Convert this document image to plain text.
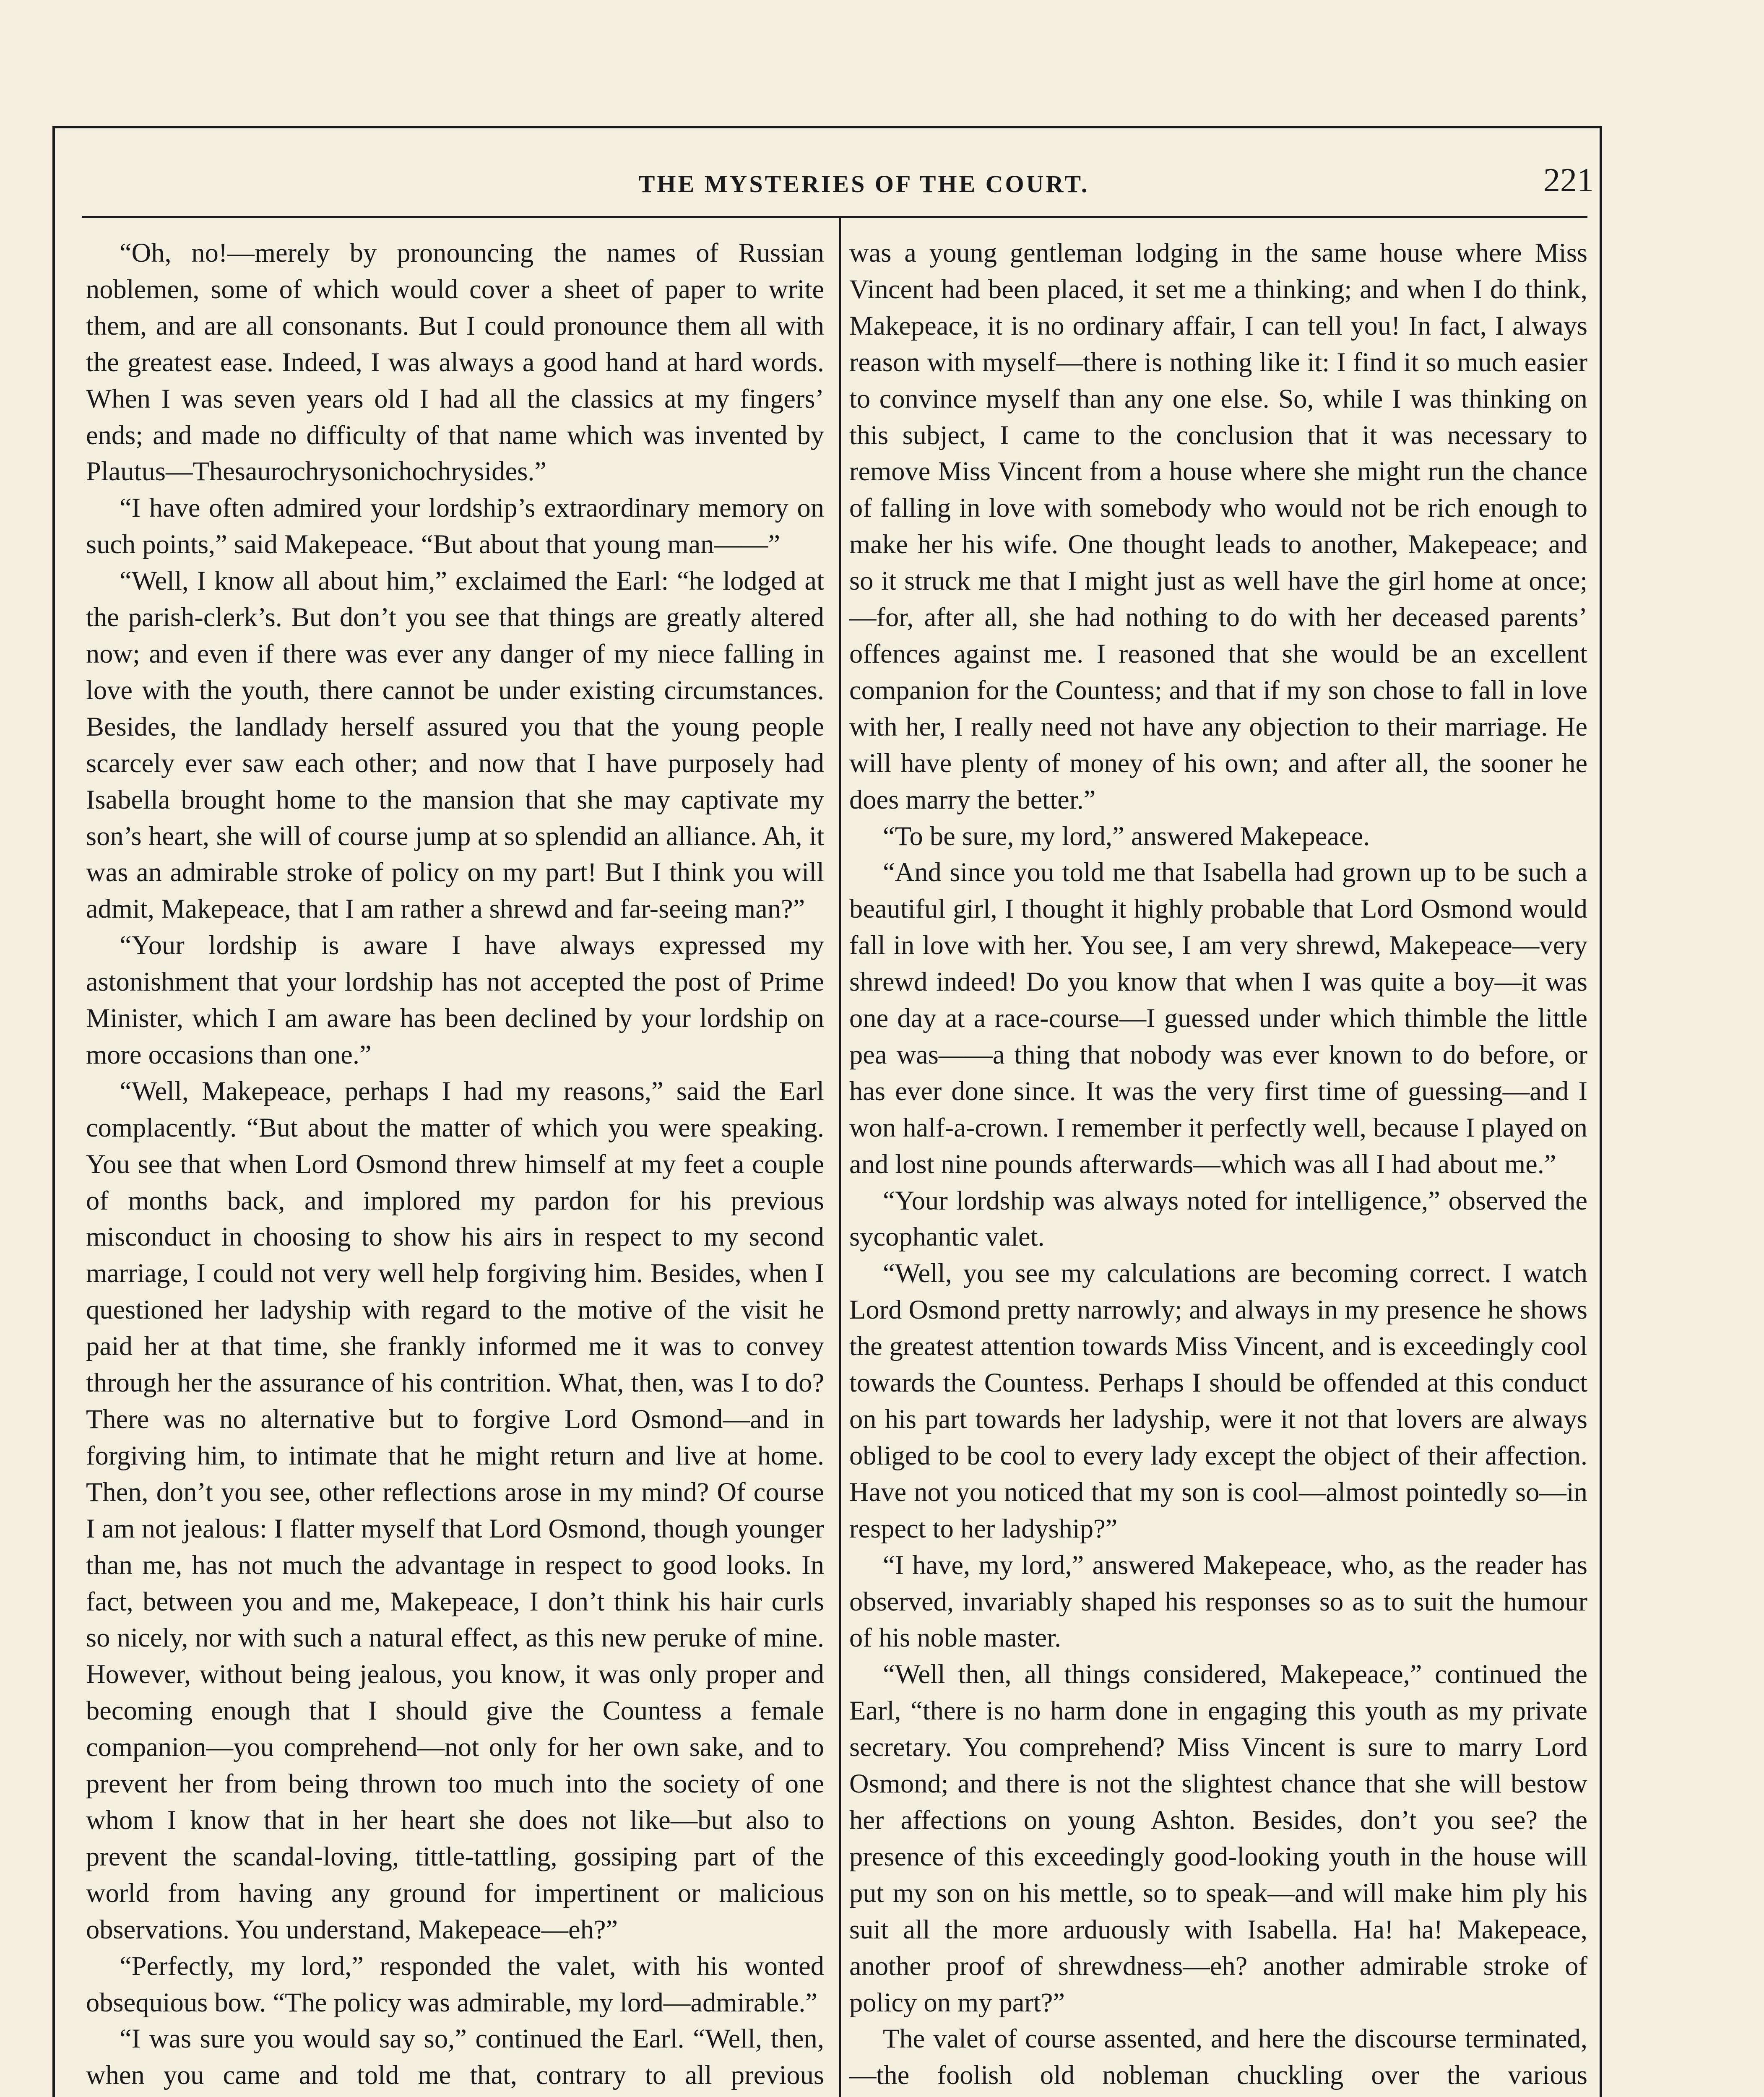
THE MYSTERIES OF THE COURT.	221

“Oh, no!—merely by pronouncing the names of Russian noblemen, some of which would cover a sheet of paper to write them, and are all consonants. But I could pronounce them all with the greatest ease. Indeed, I was always a good hand at hard words. When I was seven years old I had all the classics at my fingers’ ends; and made no difficulty of that name which was invented by Plautus—Thesaurochrysonichochrysides.”

“I have often admired your lordship’s extraordinary memory on such points,” said Makepeace. “But about that young man——”

“Well, I know all about him,” exclaimed the Earl: “he lodged at the parish-clerk’s. But don’t you see that things are greatly altered now; and even if there was ever any danger of my niece falling in love with the youth, there cannot be under existing circumstances. Besides, the landlady herself assured you that the young people scarcely ever saw each other; and now that I have purposely had Isabella brought home to the mansion that she may captivate my son’s heart, she will of course jump at so splendid an alliance. Ah, it was an admirable stroke of policy on my part! But I think you will admit, Makepeace, that I am rather a shrewd and far-seeing man?”

“Your lordship is aware I have always expressed my astonishment that your lordship has not accepted the post of Prime Minister, which I am aware has been declined by your lordship on more occasions than one.”

“Well, Makepeace, perhaps I had my reasons,” said the Earl complacently. “But about the matter of which you were speaking. You see that when Lord Osmond threw himself at my feet a couple of months back, and implored my pardon for his previous misconduct in choosing to show his airs in respect to my second marriage, I could not very well help forgiving him. Besides, when I questioned her ladyship with regard to the motive of the visit he paid her at that time, she frankly informed me it was to convey through her the assurance of his contrition. What, then, was I to do? There was no alternative but to forgive Lord Osmond—and in forgiving him, to intimate that he might return and live at home. Then, don’t you see, other reflections arose in my mind? Of course I am not jealous: I flatter myself that Lord Osmond, though younger than me, has not much the advantage in respect to good looks. In fact, between you and me, Makepeace, I don’t think his hair curls so nicely, nor with such a natural effect, as this new peruke of mine. However, without being jealous, you know, it was only proper and becoming enough that I should give the Countess a female companion—you comprehend—not only for her own sake, and to prevent her from being thrown too much into the society of one whom I know that in her heart she does not like—but also to prevent the scandal-loving, tittle-tattling, gossiping part of the world from having any ground for impertinent or malicious observations. You understand, Makepeace—eh?”

“Perfectly, my lord,” responded the valet, with his wonted obsequious bow. “The policy was admirable, my lord—admirable.”

“I was sure you would say so,” continued the Earl. “Well, then, when you came and told me that, contrary to all previous

was a young gentleman lodging in the same house where Miss Vincent had been placed, it set me a thinking; and when I do think, Makepeace, it is no ordinary affair, I can tell you! In fact, I always reason with myself—there is nothing like it: I find it so much easier to convince myself than any one else. So, while I was thinking on this subject, I came to the conclusion that it was necessary to remove Miss Vincent from a house where she might run the chance of falling in love with somebody who would not be rich enough to make her his wife. One thought leads to another, Makepeace; and so it struck me that I might just as well have the girl home at once;—for, after all, she had nothing to do with her deceased parents’ offences against me. I reasoned that she would be an excellent companion for the Countess; and that if my son chose to fall in love with her, I really need not have any objection to their marriage. He will have plenty of money of his own; and after all, the sooner he does marry the better.”

“To be sure, my lord,” answered Makepeace.

“And since you told me that Isabella had grown up to be such a beautiful girl, I thought it highly probable that Lord Osmond would fall in love with her. You see, I am very shrewd, Makepeace—very shrewd indeed! Do you know that when I was quite a boy—it was one day at a race-course—I guessed under which thimble the little pea was——a thing that nobody was ever known to do before, or has ever done since. It was the very first time of guessing—and I won half-a-crown. I remember it perfectly well, because I played on and lost nine pounds afterwards—which was all I had about me.”

“Your lordship was always noted for intelligence,” observed the sycophantic valet.

“Well, you see my calculations are becoming correct. I watch Lord Osmond pretty narrowly; and always in my presence he shows the greatest attention towards Miss Vincent, and is exceedingly cool towards the Countess. Perhaps I should be offended at this conduct on his part towards her ladyship, were it not that lovers are always obliged to be cool to every lady except the object of their affection. Have not you noticed that my son is cool—almost pointedly so—in respect to her ladyship?”

“I have, my lord,” answered Makepeace, who, as the reader has observed, invariably shaped his responses so as to suit the humour of his noble master.

“Well then, all things considered, Makepeace,” continued the Earl, “there is no harm done in engaging this youth as my private secretary. You comprehend? Miss Vincent is sure to marry Lord Osmond; and there is not the slightest chance that she will bestow her affections on young Ashton. Besides, don’t you see? the presence of this exceedingly good-looking youth in the house will put my son on his mettle, so to speak—and will make him ply his suit all the more arduously with Isabella. Ha! ha! Makepeace, another proof of shrewdness—eh? another admirable stroke of policy on my part?”

The valet of course assented, and here the discourse terminated,—the foolish old nobleman chuckling over the various
